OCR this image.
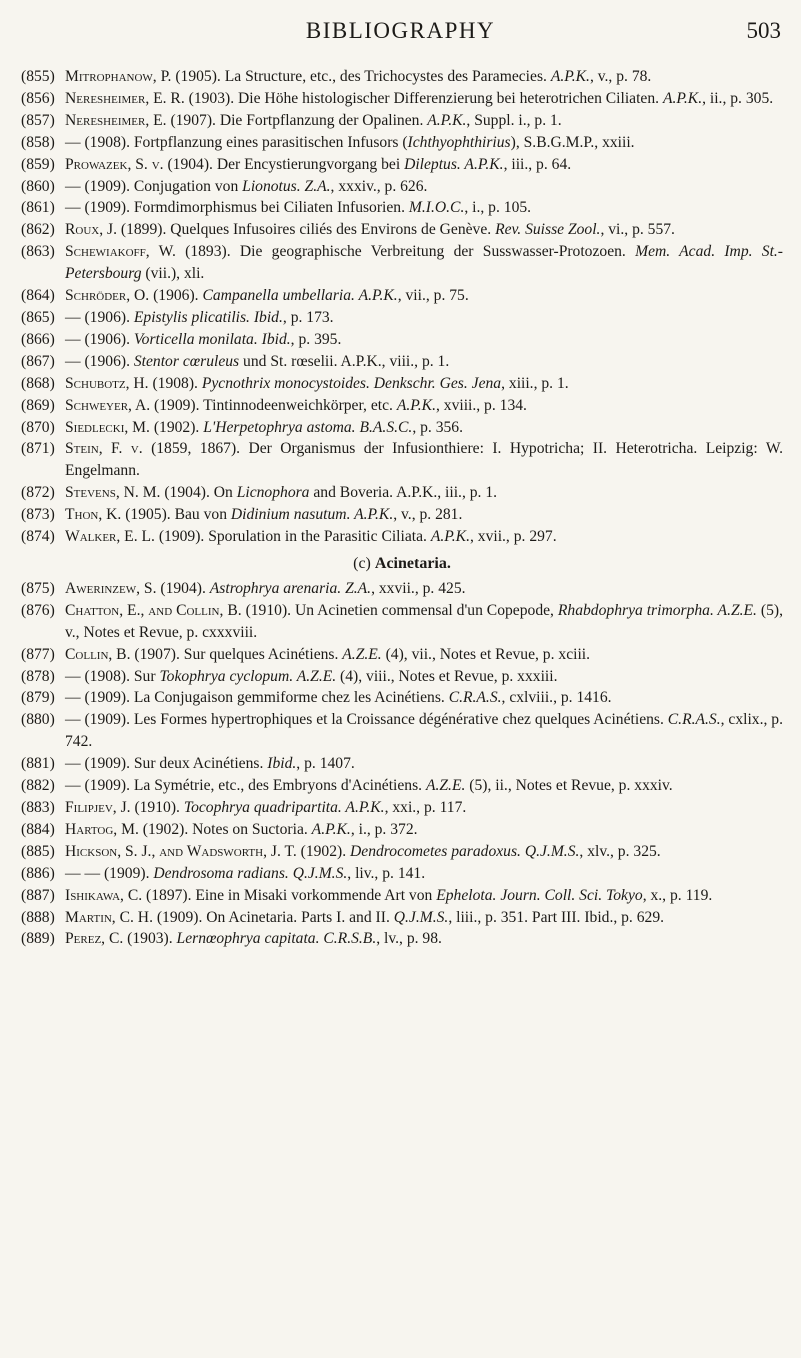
BIBLIOGRAPHY	503
(855) Mitrophanow, P. (1905). La Structure, etc., des Trichocystes des Paramecies. A.P.K., v., p. 78.
(856) Neresheimer, E. R. (1903). Die Höhe histologischer Differenzierung bei heterotrichen Ciliaten. A.P.K., ii., p. 305.
(857) Neresheimer, E. (1907). Die Fortpflanzung der Opalinen. A.P.K., Suppl. i., p. 1.
(858) — (1908). Fortpflanzung eines parasitischen Infusors (Ichthyophthirius), S.B.G.M.P., xxiii.
(859) Prowazek, S. v. (1904). Der Encystierungvorgang bei Dileptus. A.P.K., iii., p. 64.
(860) — (1909). Conjugation von Lionotus. Z.A., xxxiv., p. 626.
(861) — (1909). Formdimorphismus bei Ciliaten Infusorien. M.I.O.C., i., p. 105.
(862) Roux, J. (1899). Quelques Infusoires ciliés des Environs de Genève. Rev. Suisse Zool., vi., p. 557.
(863) Schewiakoff, W. (1893). Die geographische Verbreitung der Susswasser-Protozoen. Mem. Acad. Imp. St.-Petersbourg (vii.), xli.
(864) Schröder, O. (1906). Campanella umbellaria. A.P.K., vii., p. 75.
(865) — (1906). Epistylis plicatilis. Ibid., p. 173.
(866) — (1906). Vorticella monilata. Ibid., p. 395.
(867) — (1906). Stentor cœruleus und St. rœselii. A.P.K., viii., p. 1.
(868) Schubotz, H. (1908). Pycnothrix monocystoides. Denkschr. Ges. Jena, xiii., p. 1.
(869) Schweyer, A. (1909). Tintinnodeenweichkörper, etc. A.P.K., xviii., p. 134.
(870) Siedlecki, M. (1902). L'Herpetophrya astoma. B.A.S.C., p. 356.
(871) Stein, F. v. (1859, 1867). Der Organismus der Infusionthiere: I. Hypotricha; II. Heterotricha. Leipzig: W. Engelmann.
(872) Stevens, N. M. (1904). On Licnophora and Boveria. A.P.K., iii., p. 1.
(873) Thon, K. (1905). Bau von Didinium nasutum. A.P.K., v., p. 281.
(874) Walker, E. L. (1909). Sporulation in the Parasitic Ciliata. A.P.K., xvii., p. 297.
(c) Acinetaria.
(875) Awerinzew, S. (1904). Astrophrya arenaria. Z.A., xxvii., p. 425.
(876) Chatton, E., and Collin, B. (1910). Un Acinetien commensal d'un Copepode, Rhabdophrya trimorpha. A.Z.E. (5), v., Notes et Revue, p. cxxxviii.
(877) Collin, B. (1907). Sur quelques Acinétiens. A.Z.E. (4), vii., Notes et Revue, p. xciii.
(878) — (1908). Sur Tokophrya cyclopum. A.Z.E. (4), viii., Notes et Revue, p. xxxiii.
(879) — (1909). La Conjugaison gemmiforme chez les Acinétiens. C.R.A.S., cxlviii., p. 1416.
(880) — (1909). Les Formes hypertrophiques et la Croissance dégénérative chez quelques Acinétiens. C.R.A.S., cxlix., p. 742.
(881) — (1909). Sur deux Acinétiens. Ibid., p. 1407.
(882) — (1909). La Symétrie, etc., des Embryons d'Acinétiens. A.Z.E. (5), ii., Notes et Revue, p. xxxiv.
(883) Filipjev, J. (1910). Tocophrya quadripartita. A.P.K., xxi., p. 117.
(884) Hartog, M. (1902). Notes on Suctoria. A.P.K., i., p. 372.
(885) Hickson, S. J., and Wadsworth, J. T. (1902). Dendrocometes paradoxus. Q.J.M.S., xlv., p. 325.
(886) — — (1909). Dendrosoma radians. Q.J.M.S., liv., p. 141.
(887) Ishikawa, C. (1897). Eine in Misaki vorkommende Art von Ephelota. Journ. Coll. Sci. Tokyo, x., p. 119.
(888) Martin, C. H. (1909). On Acinetaria. Parts I. and II. Q.J.M.S., liii., p. 351. Part III. Ibid., p. 629.
(889) Perez, C. (1903). Lernœophrya capitata. C.R.S.B., lv., p. 98.
